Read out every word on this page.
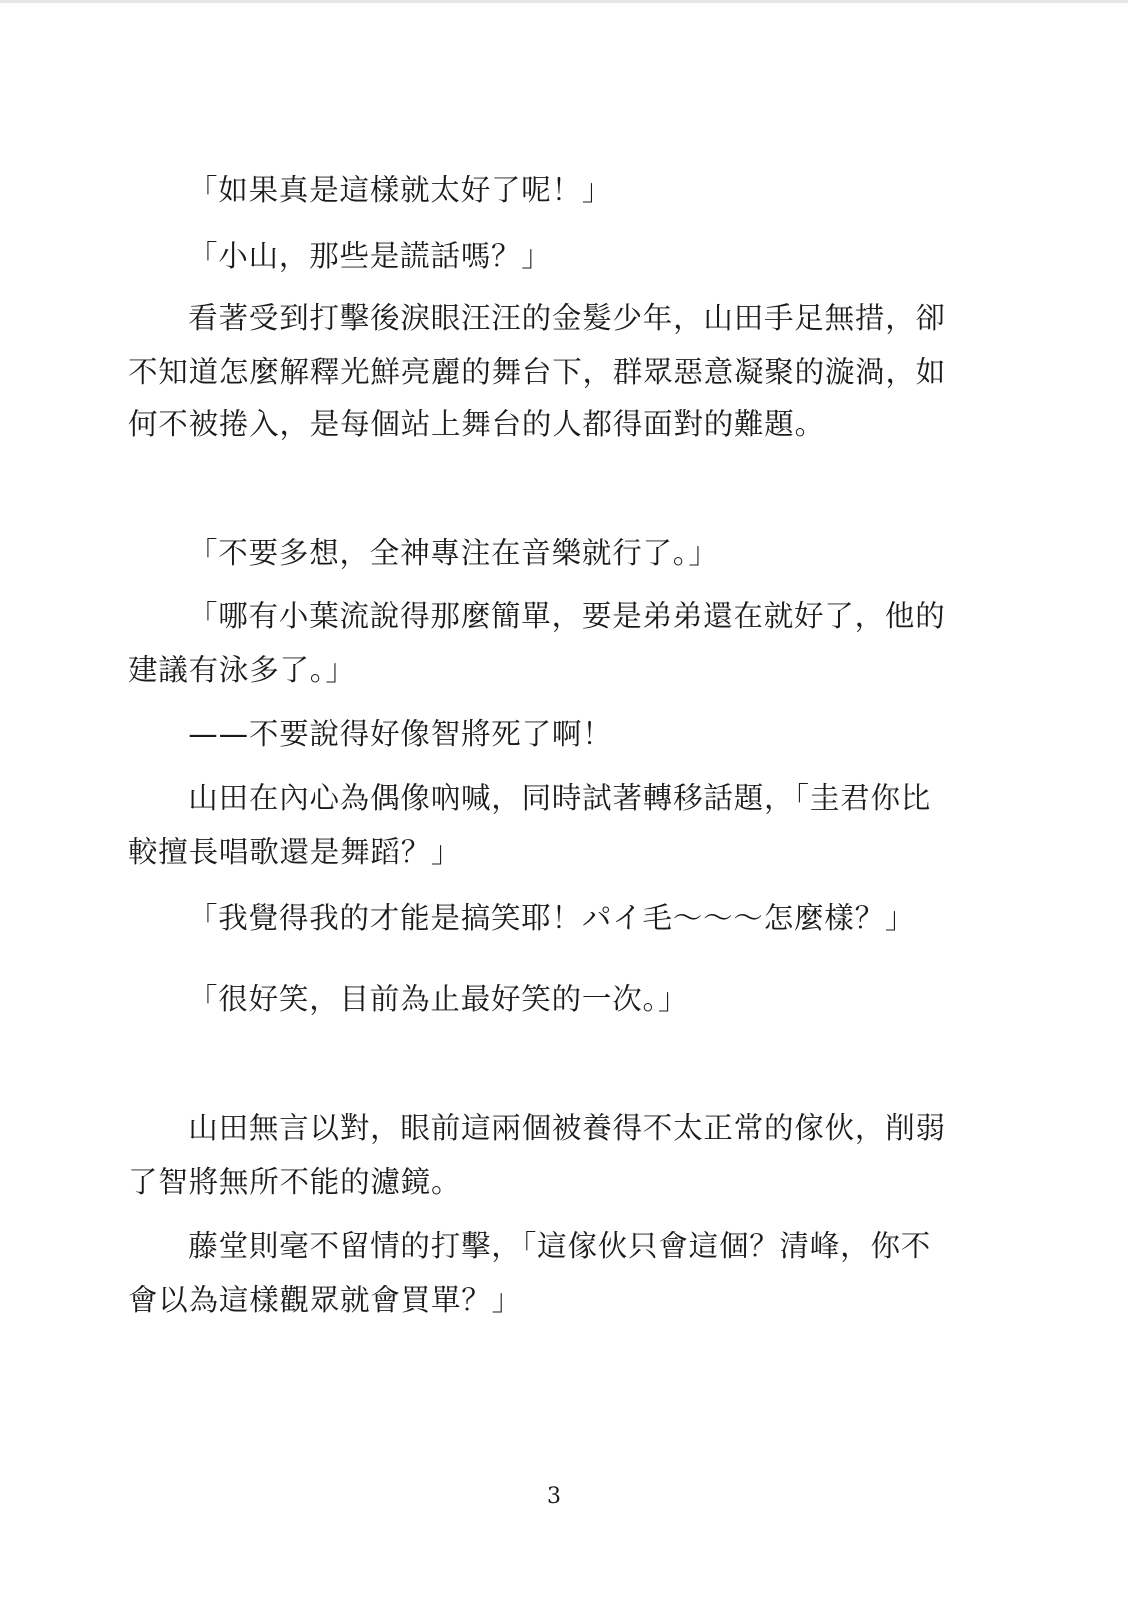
「如果真是這樣就太好了呢！」
「小山，那些是謊話嗎？」
　看著受到打擊後淚眼汪汪的金髮少年，山田手足無措，卻
不知道怎麼解釋光鮮亮麗的舞台下，群眾惡意凝聚的漩渦，如
何不被捲入，是每個站上舞台的人都得面對的難題。
「不要多想，全神專注在音樂就行了。」
「哪有小葉流說得那麼簡單，要是弟弟還在就好了，他的
建議有泳多了。」
　——不要說得好像智將死了啊！
　山田在內心為偶像吶喊，同時試著轉移話題，「圭君你比
較擅長唱歌還是舞蹈？」
「我覺得我的才能是搞笑耶！パイ毛～～～怎麼樣？」
「很好笑，目前為止最好笑的一次。」
　山田無言以對，眼前這兩個被養得不太正常的傢伙，削弱
了智將無所不能的濾鏡。
　藤堂則毫不留情的打擊，「這傢伙只會這個？清峰，你不
會以為這樣觀眾就會買單？」
3
